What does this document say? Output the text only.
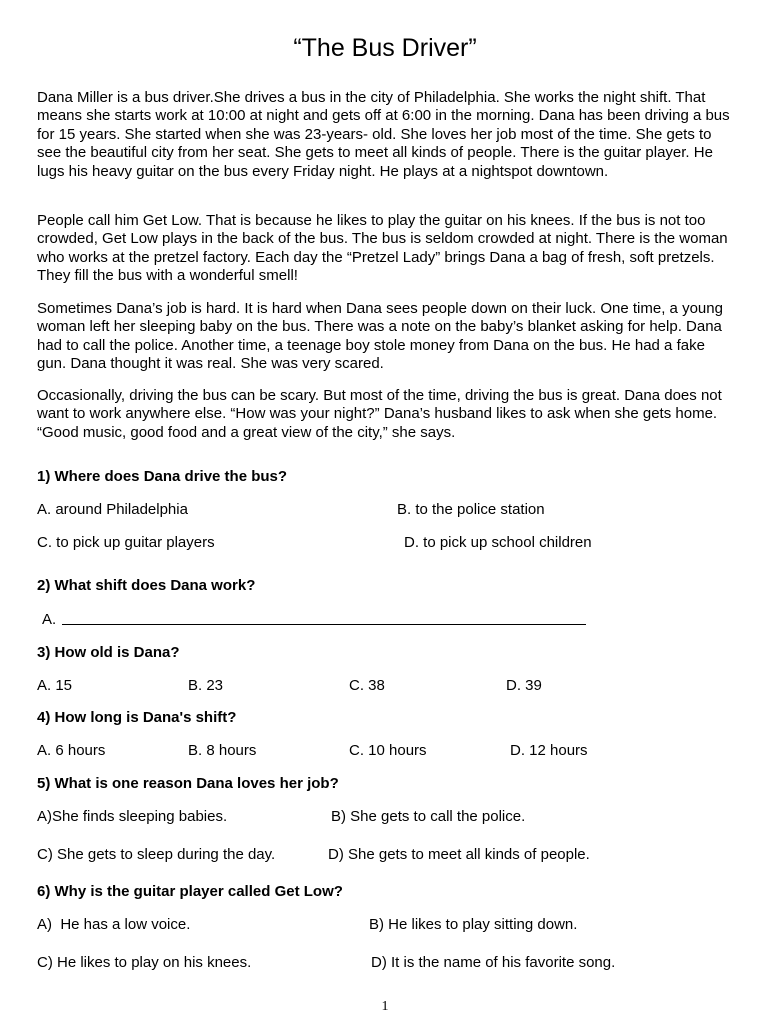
“The Bus Driver”

Dana Miller is a bus driver.She drives a bus in the city of Philadelphia. She works the night shift. That means she starts work at 10:00 at night and gets off at 6:00 in the morning. Dana has been driving a bus for 15 years. She started when she was 23-years- old. She loves her job most of the time. She gets to see the beautiful city from her seat. She gets to meet all kinds of people. There is the guitar player. He lugs his heavy guitar on the bus every Friday night. He plays at a nightspot downtown.

People call him Get Low. That is because he likes to play the guitar on his knees. If the bus is not too crowded, Get Low plays in the back of the bus. The bus is seldom crowded at night. There is the woman who works at the pretzel factory. Each day the “Pretzel Lady” brings Dana a bag of fresh, soft pretzels. They fill the bus with a wonderful smell!

Sometimes Dana’s job is hard. It is hard when Dana sees people down on their luck. One time, a young woman left her sleeping baby on the bus. There was a note on the baby’s blanket asking for help. Dana had to call the police. Another time, a teenage boy stole money from Dana on the bus. He had a fake gun. Dana thought it was real. She was very scared.

Occasionally, driving the bus can be scary. But most of the time, driving the bus is great. Dana does not want to work anywhere else. “How was your night?” Dana’s husband likes to ask when she gets home. “Good music, good food and a great view of the city,” she says.

1) Where does Dana drive the bus?
A. around Philadelphia	B. to the police station
C. to pick up guitar players	D. to pick up school children
2) What shift does Dana work?
A.
3) How old is Dana?
A. 15	B. 23	C. 38	D. 39
4) How long is Dana's shift?
A. 6 hours	B. 8 hours	C. 10 hours	D. 12 hours
5) What is one reason Dana loves her job?
A)She finds sleeping babies.	B) She gets to call the police.
C) She gets to sleep during the day.	D) She gets to meet all kinds of people.
6) Why is the guitar player called Get Low?
A)  He has a low voice.	B) He likes to play sitting down.
C) He likes to play on his knees.	D) It is the name of his favorite song.
1
